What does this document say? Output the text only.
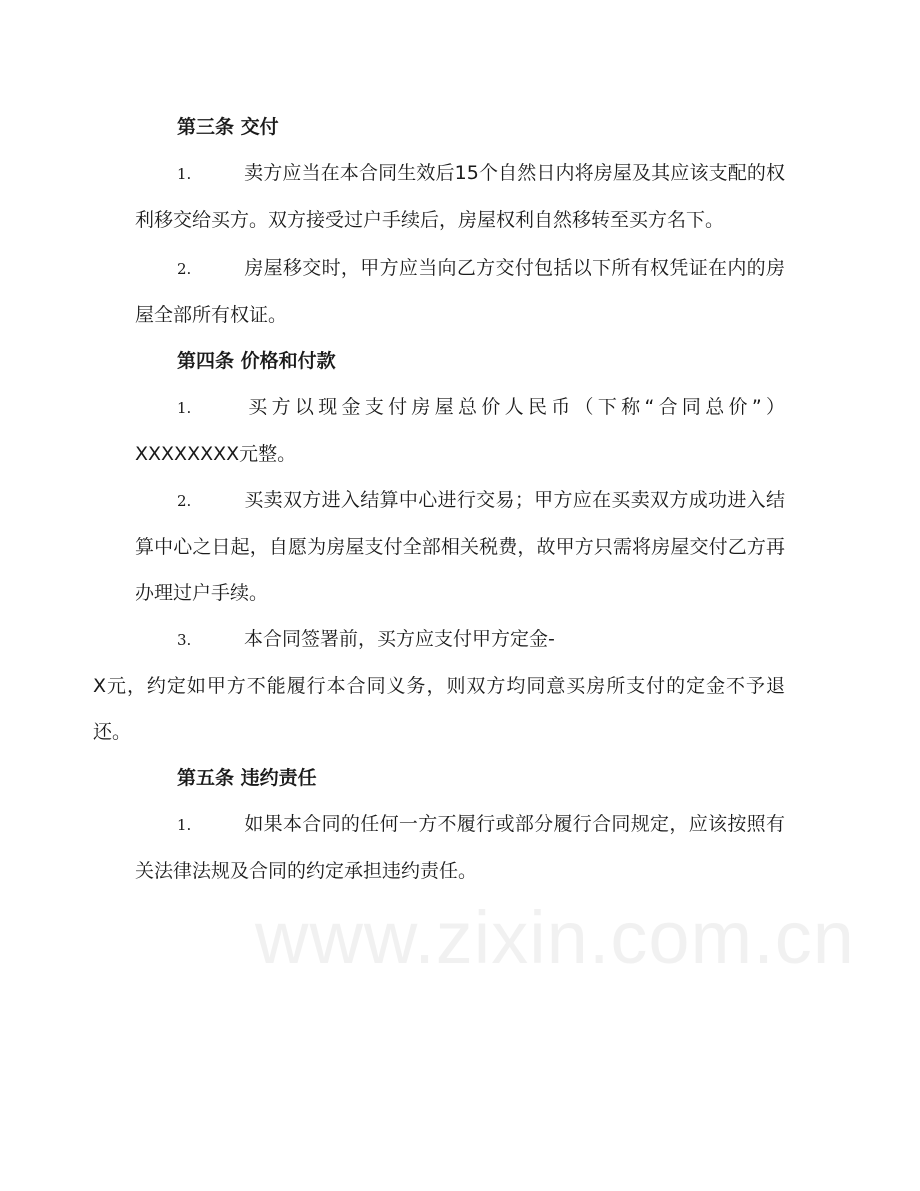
第三条 交付

1.	卖方应当在本合同生效后15个自然日内将房屋及其应该支配的权利移交给买方。双方接受过户手续后，房屋权利自然移转至买方名下。

2.	房屋移交时，甲方应当向乙方交付包括以下所有权凭证在内的房屋全部所有权证。

第四条 价格和付款

1.	买方以现金支付房屋总价人民币（下称“合同总价”）XXXXXXXX元整。

2.	买卖双方进入结算中心进行交易；甲方应在买卖双方成功进入结算中心之日起，自愿为房屋支付全部相关税费，故甲方只需将房屋交付乙方再办理过户手续。

3.	本合同签署前，买方应支付甲方定金-
X元，约定如甲方不能履行本合同义务，则双方均同意买房所支付的定金不予退还。

第五条 违约责任

1.	如果本合同的任何一方不履行或部分履行合同规定，应该按照有关法律法规及合同的约定承担违约责任。

www.zixin.com.cn
